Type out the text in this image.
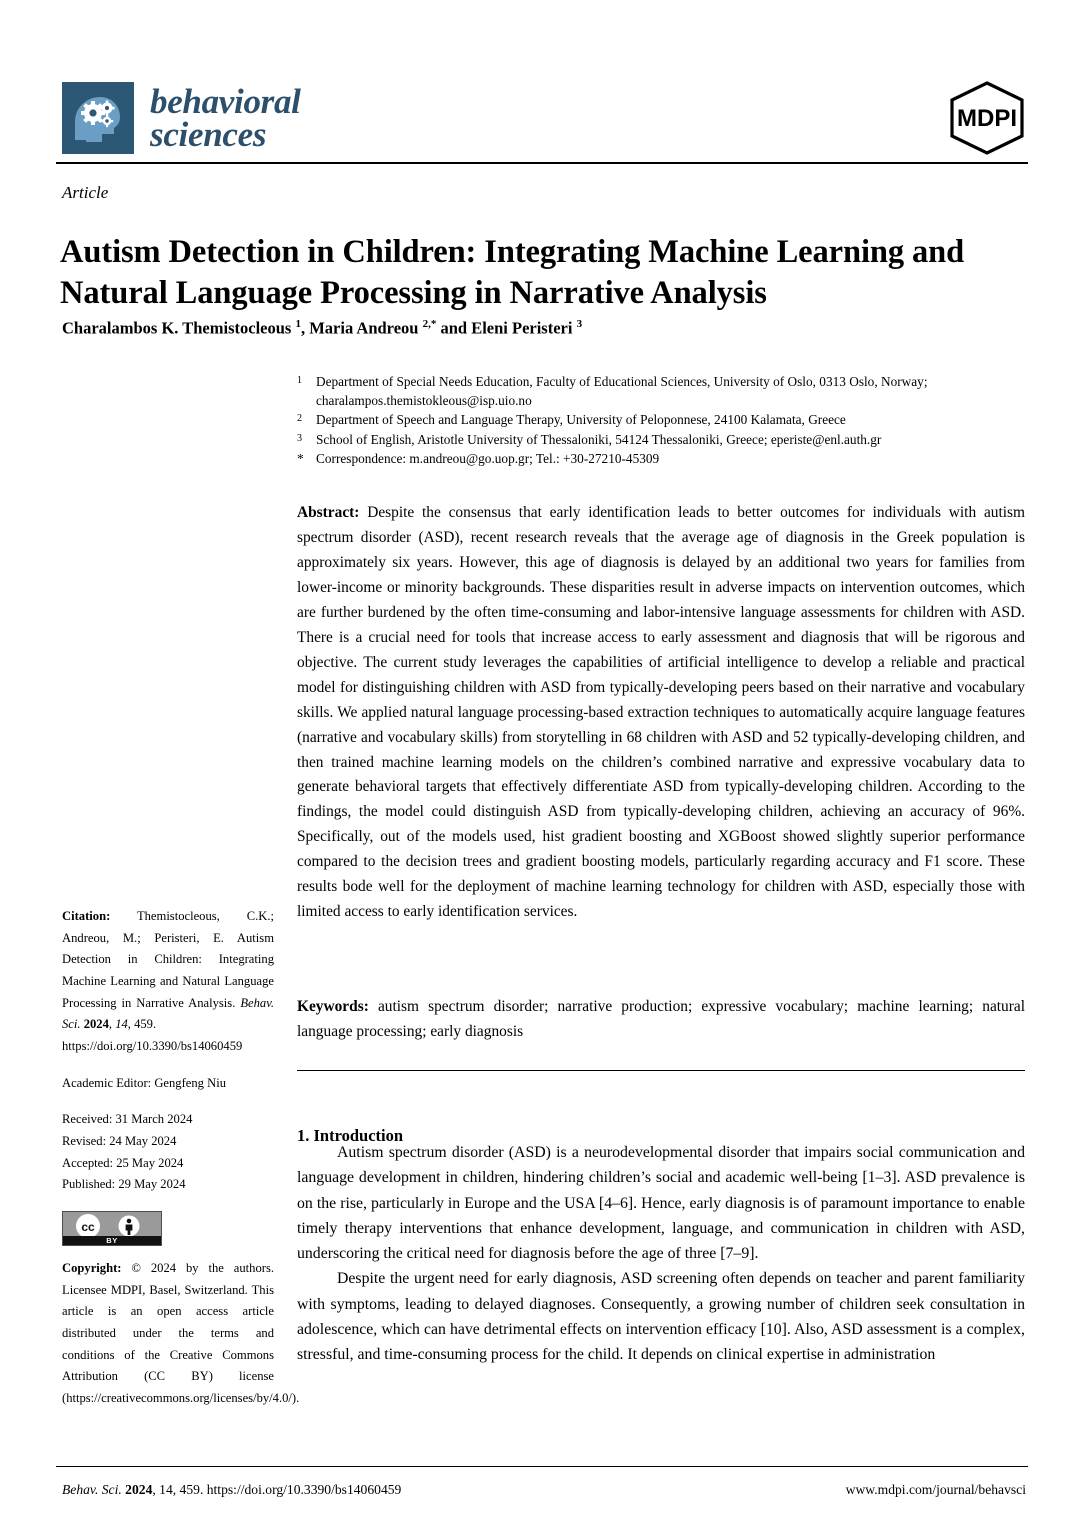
behavioral
sciences	MDPI
Article
Autism Detection in Children: Integrating Machine Learning and Natural Language Processing in Narrative Analysis
Charalambos K. Themistocleous $^1$, Maria Andreou $^{2,*}$ and Eleni Peristeri $^3$
1	Department of Special Needs Education, Faculty of Educational Sciences, University of Oslo, 0313 Oslo, Norway; charalampos.themistokleous@isp.uio.no
2	Department of Speech and Language Therapy, University of Peloponnese, 24100 Kalamata, Greece
3	School of English, Aristotle University of Thessaloniki, 54124 Thessaloniki, Greece; eperiste@enl.auth.gr
* Correspondence: m.andreou@go.uop.gr; Tel.: +30-27210-45309
Abstract: Despite the consensus that early identification leads to better outcomes for individuals with autism spectrum disorder (ASD), recent research reveals that the average age of diagnosis in the Greek population is approximately six years. However, this age of diagnosis is delayed by an additional two years for families from lower-income or minority backgrounds. These disparities result in adverse impacts on intervention outcomes, which are further burdened by the often time-consuming and labor-intensive language assessments for children with ASD. There is a crucial need for tools that increase access to early assessment and diagnosis that will be rigorous and objective. The current study leverages the capabilities of artificial intelligence to develop a reliable and practical model for distinguishing children with ASD from typically-developing peers based on their narrative and vocabulary skills. We applied natural language processing-based extraction techniques to automatically acquire language features (narrative and vocabulary skills) from storytelling in 68 children with ASD and 52 typically-developing children, and then trained machine learning models on the children’s combined narrative and expressive vocabulary data to generate behavioral targets that effectively differentiate ASD from typically-developing children. According to the findings, the model could distinguish ASD from typically-developing children, achieving an accuracy of 96%. Specifically, out of the models used, hist gradient boosting and XGBoost showed slightly superior performance compared to the decision trees and gradient boosting models, particularly regarding accuracy and F1 score. These results bode well for the deployment of machine learning technology for children with ASD, especially those with limited access to early identification services.
Keywords: autism spectrum disorder; narrative production; expressive vocabulary; machine learning; natural language processing; early diagnosis
Citation: Themistocleous, C.K.; Andreou, M.; Peristeri, E. Autism Detection in Children: Integrating Machine Learning and Natural Language Processing in Narrative Analysis. Behav. Sci. 2024, 14, 459.
https://doi.org/10.3390/bs14060459
Academic Editor: Gengfeng Niu
Received: 31 March 2024
Revised: 24 May 2024
Accepted: 25 May 2024
Published: 29 May 2024
cc
BY
Copyright: © 2024 by the authors. Licensee MDPI, Basel, Switzerland. This article is an open access article distributed under the terms and conditions of the Creative Commons Attribution (CC BY) license (https://creativecommons.org/licenses/by/4.0/).
1. Introduction

Autism spectrum disorder (ASD) is a neurodevelopmental disorder that impairs social communication and language development in children, hindering children’s social and academic well-being [1–3]. ASD prevalence is on the rise, particularly in Europe and the USA [4–6]. Hence, early diagnosis is of paramount importance to enable timely therapy interventions that enhance development, language, and communication in children with ASD, underscoring the critical need for diagnosis before the age of three [7–9].

Despite the urgent need for early diagnosis, ASD screening often depends on teacher and parent familiarity with symptoms, leading to delayed diagnoses. Consequently, a growing number of children seek consultation in adolescence, which can have detrimental effects on intervention efficacy [10]. Also, ASD assessment is a complex, stressful, and time-consuming process for the child. It depends on clinical expertise in administration

Behav. Sci. 2024, 14, 459. https://doi.org/10.3390/bs14060459	www.mdpi.com/journal/behavsci
